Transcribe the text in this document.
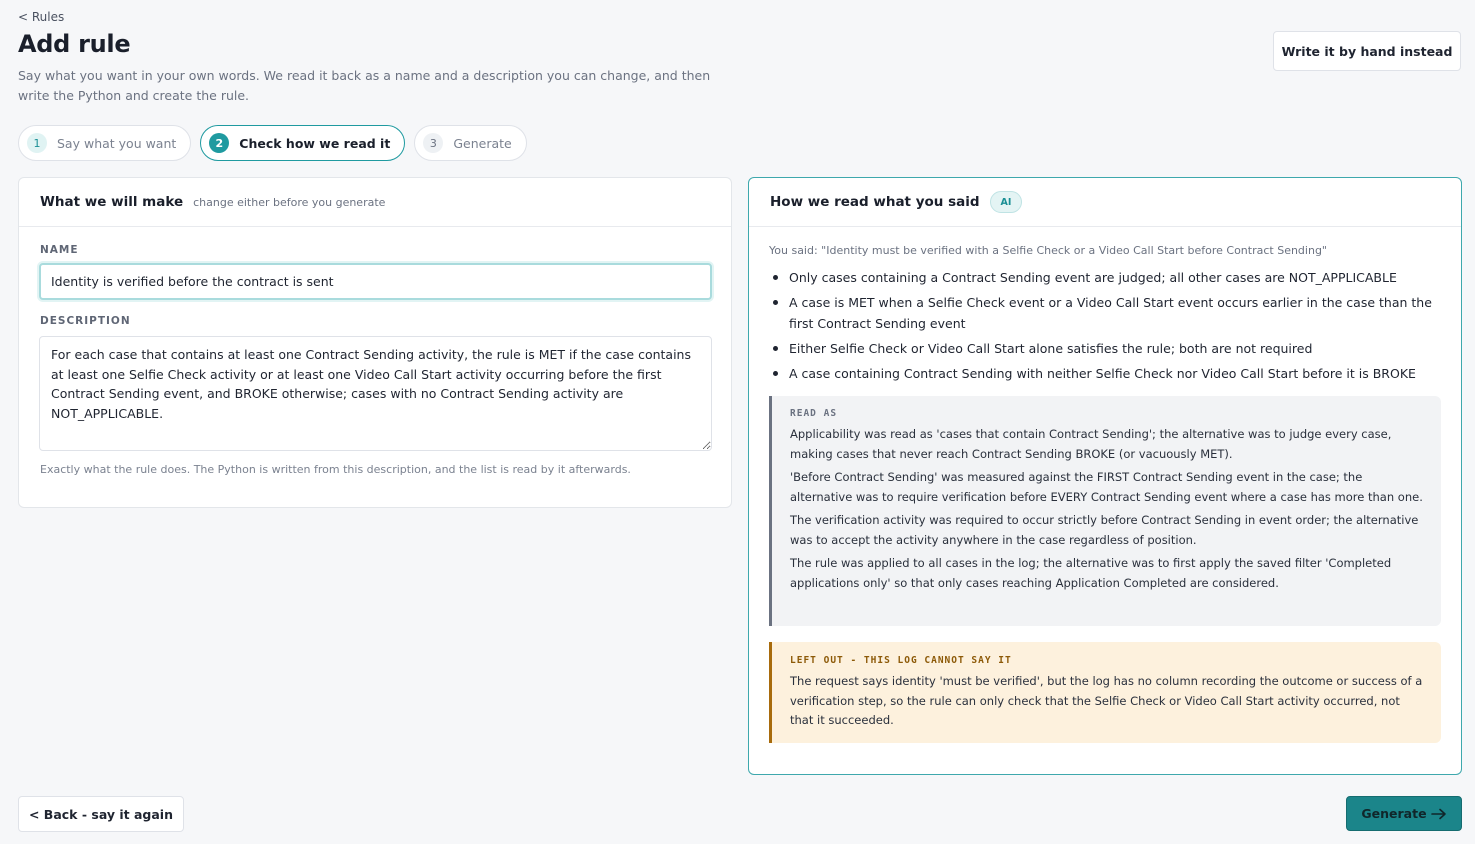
< Rules
Add rule

Say what you want in your own words. We read it back as a name and a description you can change, and then write the Python and create the rule.

Write it by hand instead
1	Say what you want	2	Check how we read it	3	Generate
What we will make change either before you generate
NAME
Identity is verified before the contract is sent
DESCRIPTION
For each case that contains at least one Contract Sending activity, the rule is MET if the case contains at least one Selfie Check activity or at least one Video Call Start activity occurring before the first Contract Sending event, and BROKE otherwise; cases with no Contract Sending activity are NOT_APPLICABLE.
Exactly what the rule does. The Python is written from this description, and the list is read by it afterwards.
How we read what you said	AI
You said: "Identity must be verified with a Selfie Check or a Video Call Start before Contract Sending"
Only cases containing a Contract Sending event are judged; all other cases are NOT_APPLICABLE
A case is MET when a Selfie Check event or a Video Call Start event occurs earlier in the case than the first Contract Sending event
Either Selfie Check or Video Call Start alone satisfies the rule; both are not required
A case containing Contract Sending with neither Selfie Check nor Video Call Start before it is BROKE
READ AS

Applicability was read as 'cases that contain Contract Sending'; the alternative was to judge every case, making cases that never reach Contract Sending BROKE (or vacuously MET).

'Before Contract Sending' was measured against the FIRST Contract Sending event in the case; the alternative was to require verification before EVERY Contract Sending event where a case has more than one.

The verification activity was required to occur strictly before Contract Sending in event order; the alternative was to accept the activity anywhere in the case regardless of position.

The rule was applied to all cases in the log; the alternative was to first apply the saved filter 'Completed applications only' so that only cases reaching Application Completed are considered.

LEFT OUT - THIS LOG CANNOT SAY IT

The request says identity 'must be verified', but the log has no column recording the outcome or success of a verification step, so the rule can only check that the Selfie Check or Video Call Start activity occurred, not that it succeeded.

< Back - say it again	Generate
